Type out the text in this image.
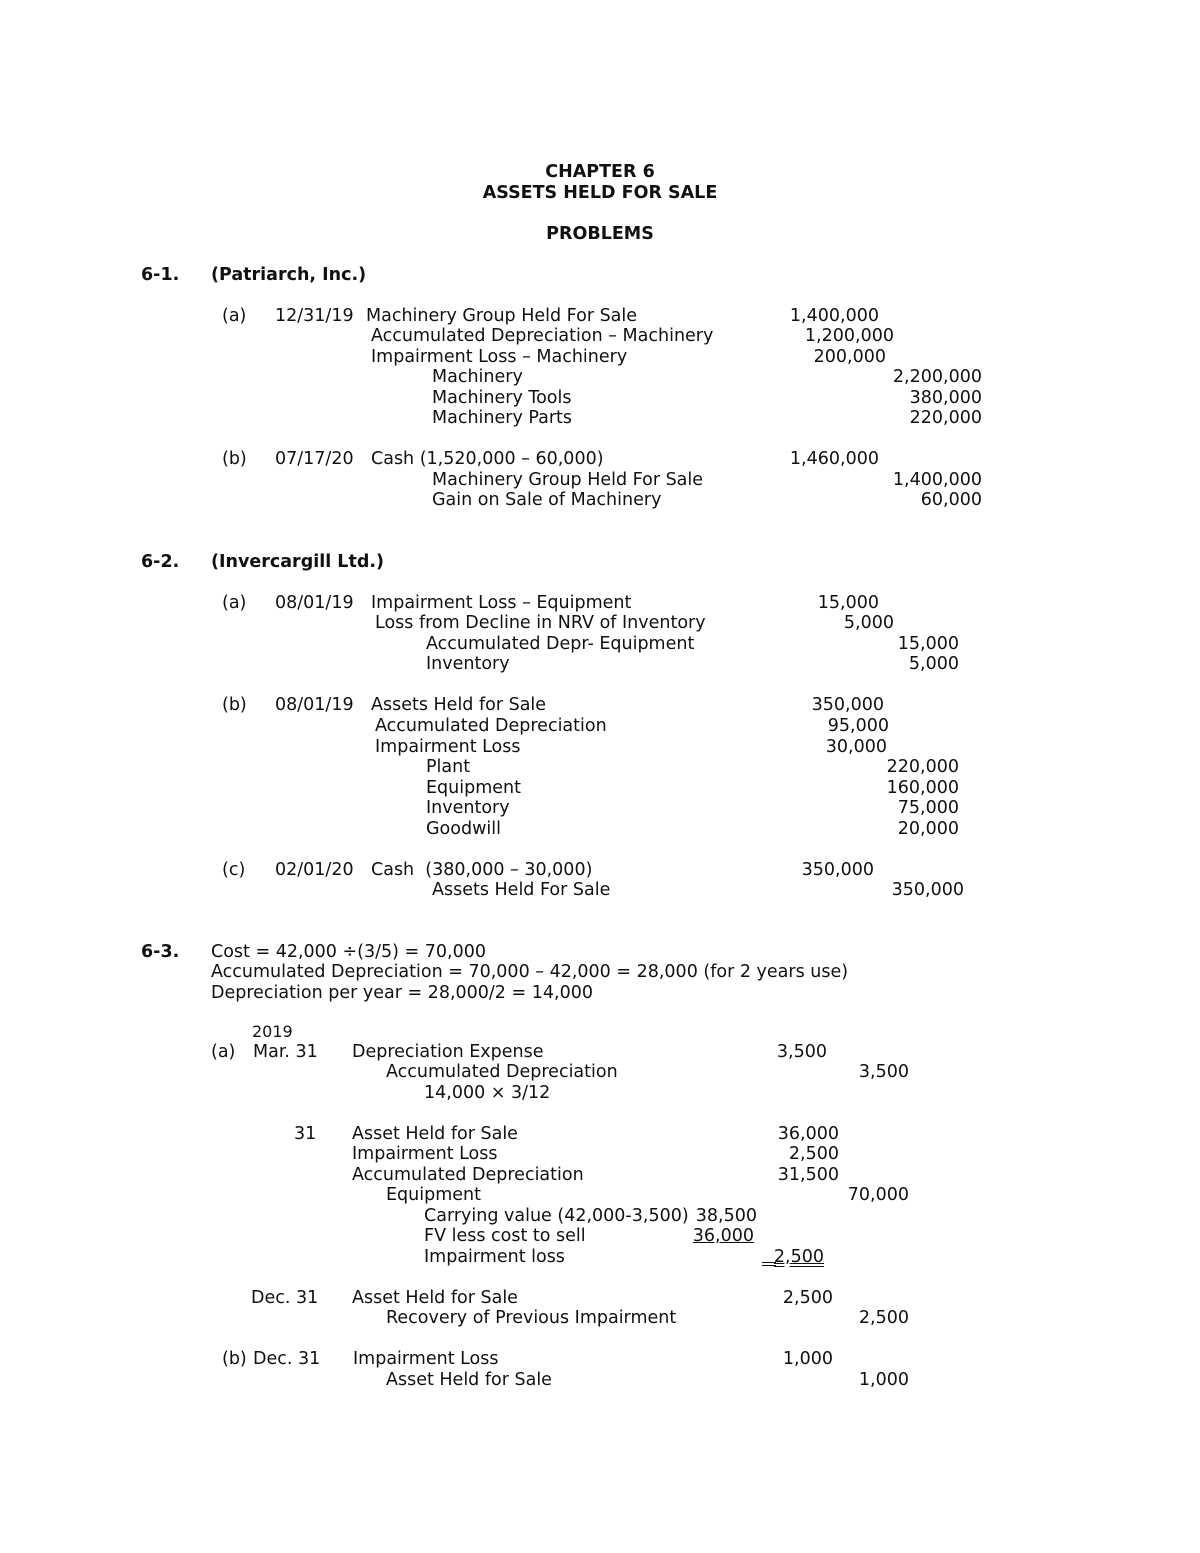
CHAPTER 6
ASSETS HELD FOR SALE
PROBLEMS
6-1. (Patriarch, Inc.)
(a) 12/31/19 Machinery Group Held For Sale	1,400,000
Accumulated Depreciation – Machinery	1,200,000
Impairment Loss – Machinery	200,000
Machinery	2,200,000
Machinery Tools	380,000
Machinery Parts	220,000
(b) 07/17/20 Cash (1,520,000 – 60,000)	1,460,000
Machinery Group Held For Sale	1,400,000
Gain on Sale of Machinery	60,000
6-2. (Invercargill Ltd.)
(a) 08/01/19 Impairment Loss – Equipment	15,000
Loss from Decline in NRV of Inventory	5,000
Accumulated Depr- Equipment	15,000
Inventory	5,000
(b) 08/01/19 Assets Held for Sale	350,000
Accumulated Depreciation	95,000
Impairment Loss	30,000
Plant	220,000
Equipment	160,000
Inventory	75,000
Goodwill	20,000
(c) 02/01/20 Cash  (380,000 – 30,000)	350,000
Assets Held For Sale	350,000
6-3. Cost = 42,000 ÷(3/5) = 70,000
Accumulated Depreciation = 70,000 – 42,000 = 28,000 (for 2 years use)
Depreciation per year = 28,000/2 = 14,000
2019
(a) Mar. 31 Depreciation Expense	3,500
Accumulated Depreciation	3,500
14,000 × 3/12
31 Asset Held for Sale	36,000
Impairment Loss	2,500
Accumulated Depreciation	31,500
Equipment	70,000
Carrying value (42,000-3,500) 38,500
FV less cost to sell	36,000
Impairment loss	2,500
Dec. 31 Asset Held for Sale	2,500
Recovery of Previous Impairment	2,500
(b) Dec. 31 Impairment Loss	1,000
Asset Held for Sale	1,000
